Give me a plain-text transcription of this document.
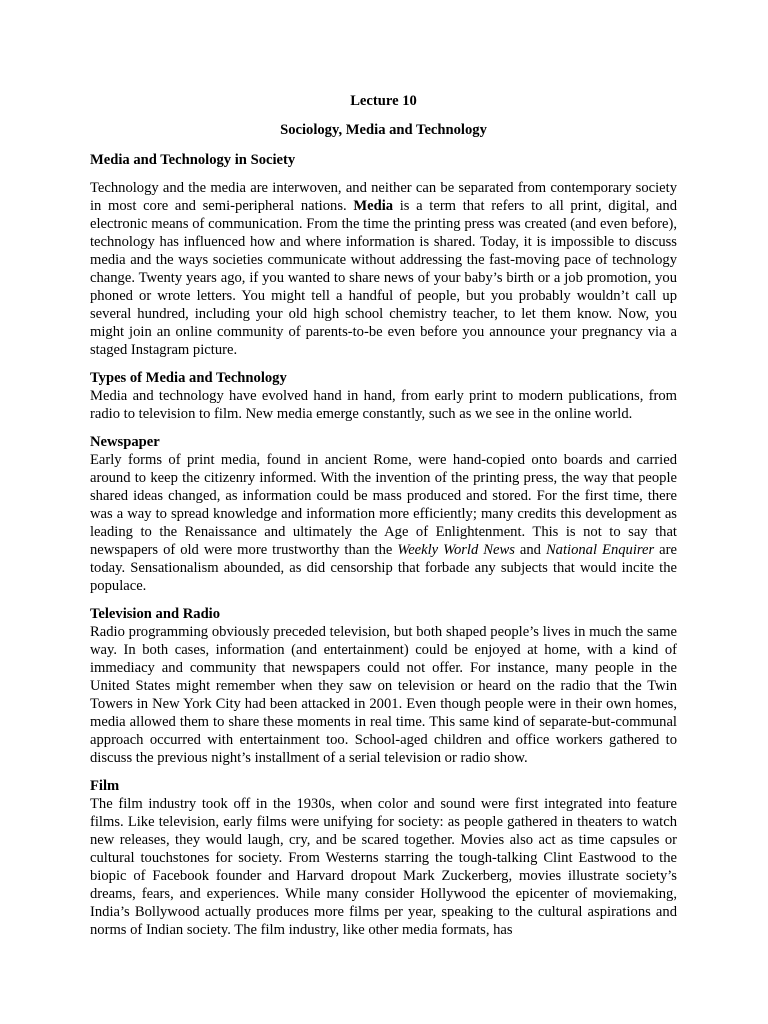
Lecture 10
Sociology, Media and Technology
Media and Technology in Society

Technology and the media are interwoven, and neither can be separated from contemporary society in most core and semi-peripheral nations. Media is a term that refers to all print, digital, and electronic means of communication. From the time the printing press was created (and even before), technology has influenced how and where information is shared. Today, it is impossible to discuss media and the ways societies communicate without addressing the fast-moving pace of technology change. Twenty years ago, if you wanted to share news of your baby’s birth or a job promotion, you phoned or wrote letters. You might tell a handful of people, but you probably wouldn’t call up several hundred, including your old high school chemistry teacher, to let them know. Now, you might join an online community of parents-to-be even before you announce your pregnancy via a staged Instagram picture.

Types of Media and Technology

Media and technology have evolved hand in hand, from early print to modern publications, from radio to television to film. New media emerge constantly, such as we see in the online world.

Newspaper

Early forms of print media, found in ancient Rome, were hand-copied onto boards and carried around to keep the citizenry informed. With the invention of the printing press, the way that people shared ideas changed, as information could be mass produced and stored. For the first time, there was a way to spread knowledge and information more efficiently; many credits this development as leading to the Renaissance and ultimately the Age of Enlightenment. This is not to say that newspapers of old were more trustworthy than the Weekly World News and National Enquirer are today. Sensationalism abounded, as did censorship that forbade any subjects that would incite the populace.

Television and Radio

Radio programming obviously preceded television, but both shaped people’s lives in much the same way. In both cases, information (and entertainment) could be enjoyed at home, with a kind of immediacy and community that newspapers could not offer. For instance, many people in the United States might remember when they saw on television or heard on the radio that the Twin Towers in New York City had been attacked in 2001. Even though people were in their own homes, media allowed them to share these moments in real time. This same kind of separate-but-communal approach occurred with entertainment too. School-aged children and office workers gathered to discuss the previous night’s installment of a serial television or radio show.

Film

The film industry took off in the 1930s, when color and sound were first integrated into feature films. Like television, early films were unifying for society: as people gathered in theaters to watch new releases, they would laugh, cry, and be scared together. Movies also act as time capsules or cultural touchstones for society. From Westerns starring the tough-talking Clint Eastwood to the biopic of Facebook founder and Harvard dropout Mark Zuckerberg, movies illustrate society’s dreams, fears, and experiences. While many consider Hollywood the epicenter of moviemaking, India’s Bollywood actually produces more films per year, speaking to the cultural aspirations and norms of Indian society. The film industry, like other media formats, has
